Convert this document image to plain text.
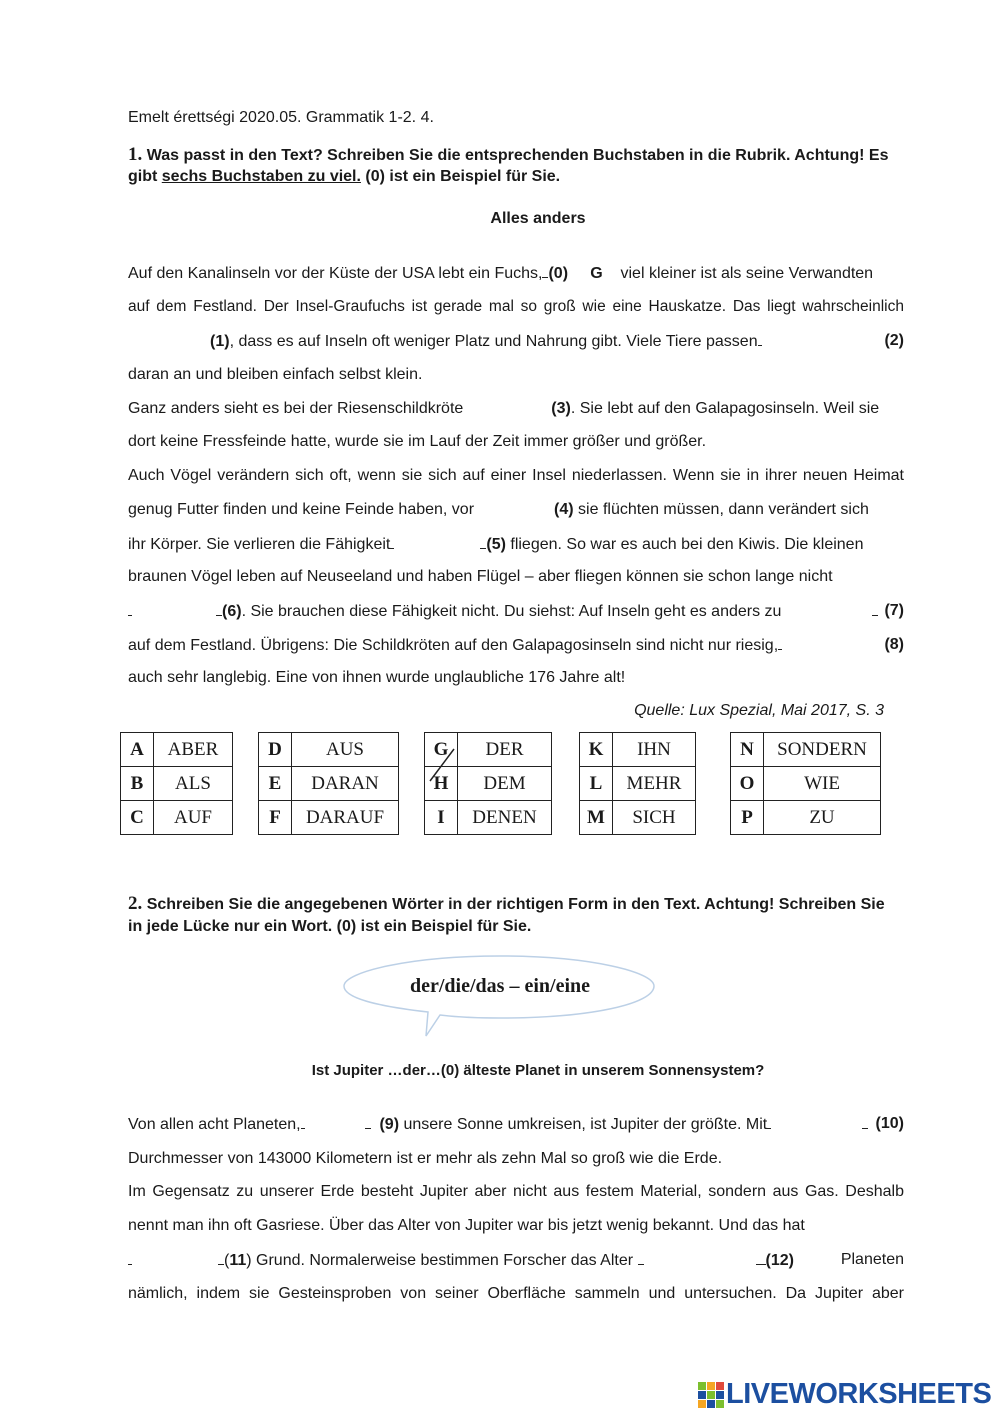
Emelt érettségi 2020.05. Grammatik 1-2. 4.
1. Was passt in den Text? Schreiben Sie die entsprechenden Buchstaben in die Rubrik. Achtung! Es
gibt sechs Buchstaben zu viel. (0) ist ein Beispiel für Sie.
Alles anders
Auf den Kanalinseln vor der Küste der USA lebt ein Fuchs, (0) G viel kleiner ist als seine Verwandten
auf dem Festland. Der Insel-Graufuchs ist gerade mal so groß wie eine Hauskatze. Das liegt wahrscheinlich
(1), dass es auf Inseln oft weniger Platz und Nahrung gibt. Viele Tiere passen	(2)
daran an und bleiben einfach selbst klein.
Ganz anders sieht es bei der Riesenschildkröte	(3). Sie lebt auf den Galapagosinseln. Weil sie
dort keine Fressfeinde hatte, wurde sie im Lauf der Zeit immer größer und größer.
Auch Vögel verändern sich oft, wenn sie sich auf einer Insel niederlassen. Wenn sie in ihrer neuen Heimat
genug Futter finden und keine Feinde haben, vor	(4) sie flüchten müssen, dann verändert sich
ihr Körper. Sie verlieren die Fähigkeit	(5) fliegen. So war es auch bei den Kiwis. Die kleinen
braunen Vögel leben auf Neuseeland und haben Flügel – aber fliegen können sie schon lange nicht
(6). Sie brauchen diese Fähigkeit nicht. Du siehst: Auf Inseln geht es anders zu	(7)
auf dem Festland. Übrigens: Die Schildkröten auf den Galapagosinseln sind nicht nur riesig,	(8)
auch sehr langlebig. Eine von ihnen wurde unglaubliche 176 Jahre alt!
Quelle: Lux Spezial, Mai 2017, S. 3
A	ABER
B	ALS
C	AUF
D	AUS
E	DARAN
F	DARAUF
G	DER
H	DEM
I	DENEN
K	IHN
L	MEHR
M	SICH
N	SONDERN
O	WIE
P	ZU
2. Schreiben Sie die angegebenen Wörter in der richtigen Form in den Text. Achtung! Schreiben Sie
in jede Lücke nur ein Wort. (0) ist ein Beispiel für Sie.
der/die/das – ein/eine
Ist Jupiter …der…(0) älteste Planet in unserem Sonnensystem?
Von allen acht Planeten,	(9) unsere Sonne umkreisen, ist Jupiter der größte. Mit	(10)
Durchmesser von 143000 Kilometern ist er mehr als zehn Mal so groß wie die Erde.
Im Gegensatz zu unserer Erde besteht Jupiter aber nicht aus festem Material, sondern aus Gas. Deshalb
nennt man ihn oft Gasriese. Über das Alter von Jupiter war bis jetzt wenig bekannt. Und das hat
(11) Grund. Normalerweise bestimmen Forscher das Alter	(12)	Planeten
nämlich, indem sie Gesteinsproben von seiner Oberfläche sammeln und untersuchen. Da Jupiter aber
LIVEWORKSHEETS
